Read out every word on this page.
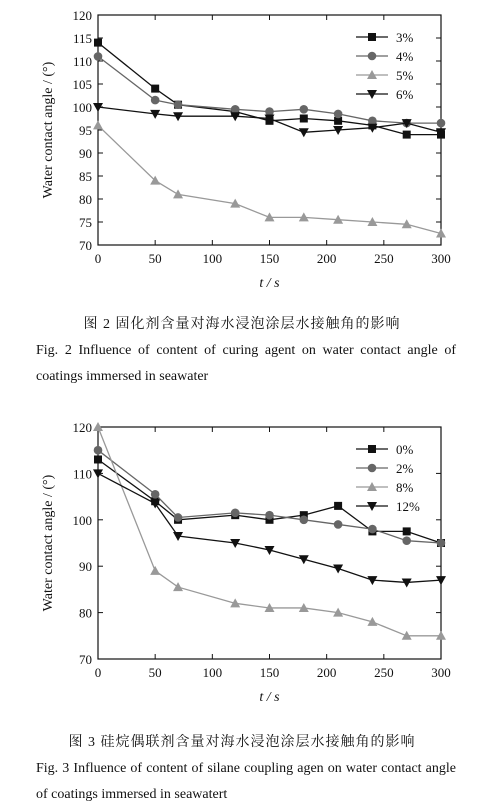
70
75
80
85
90
95
100
105
110
115
120
0	50	100	150	200	250	300
t / s
Water contact angle / (°)
3%
4%
5%
6%
图 2 固化剂含量对海水浸泡涂层水接触角的影响
Fig. 2 Influence of content of curing agent on water contact angle of coatings immersed in seawater
70
80
90
100
110
120
0	50	100	150	200	250	300
t / s
Water contact angle / (°)
0%
2%
8%
12%
图 3 硅烷偶联剂含量对海水浸泡涂层水接触角的影响
Fig. 3 Influence of content of silane coupling agen on water contact angle of coatings immersed in seawatert
